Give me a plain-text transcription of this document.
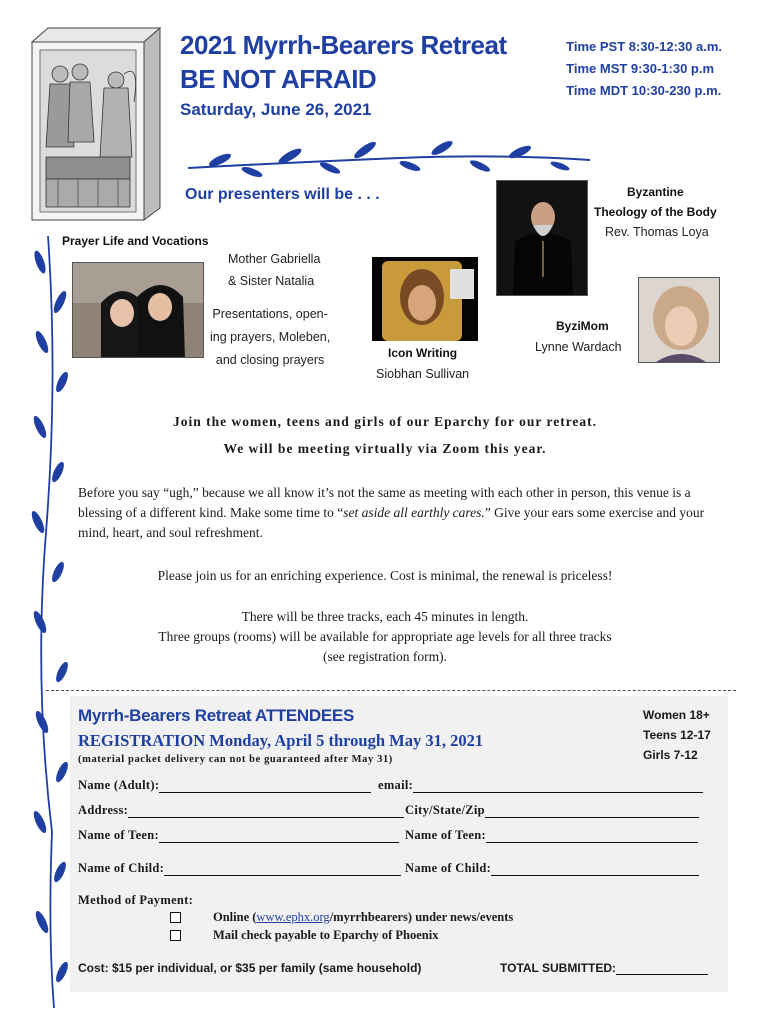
2021 Myrrh-Bearers Retreat
BE NOT AFRAID
Saturday, June 26, 2021
Time PST 8:30-12:30 a.m.
Time MST 9:30-1:30 p.m
Time MDT 10:30-230 p.m.
Our presenters will be . . .
Prayer Life and Vocations
Mother Gabriella
& Sister Natalia
Presentations, open-
ing prayers, Moleben,
and closing prayers	Icon Writing
Siobhan Sullivan
Byzantine
Theology of the Body
Rev. Thomas Loya
ByziMom
Lynne Wardach
Join the women, teens and girls of our Eparchy for our retreat.
We will be meeting virtually via Zoom this year.
Before you say “ugh,” because we all know it’s not the same as meeting with each other in person, this venue is a blessing of a different kind. Make some time to “set aside all earthly cares.” Give your ears some exercise and your mind, heart, and soul refreshment.
Please join us for an enriching experience. Cost is minimal, the renewal is priceless!
There will be three tracks, each 45 minutes in length.
Three groups (rooms) will be available for appropriate age levels for all three tracks
(see registration form).
Myrrh-Bearers Retreat ATTENDEES
REGISTRATION Monday, April 5 through May 31, 2021
(material packet delivery can not be guaranteed after May 31)
Women 18+
Teens 12-17
Girls 7-12
Name (Adult):	email:
Address:	City/State/Zip
Name of Teen:	Name of Teen:
Name of Child:	Name of Child:
Method of Payment:
Online (www.ephx.org/myrrhbearers) under news/events
Mail check payable to Eparchy of Phoenix
Cost: $15 per individual, or $35 per family (same household)	TOTAL SUBMITTED:
